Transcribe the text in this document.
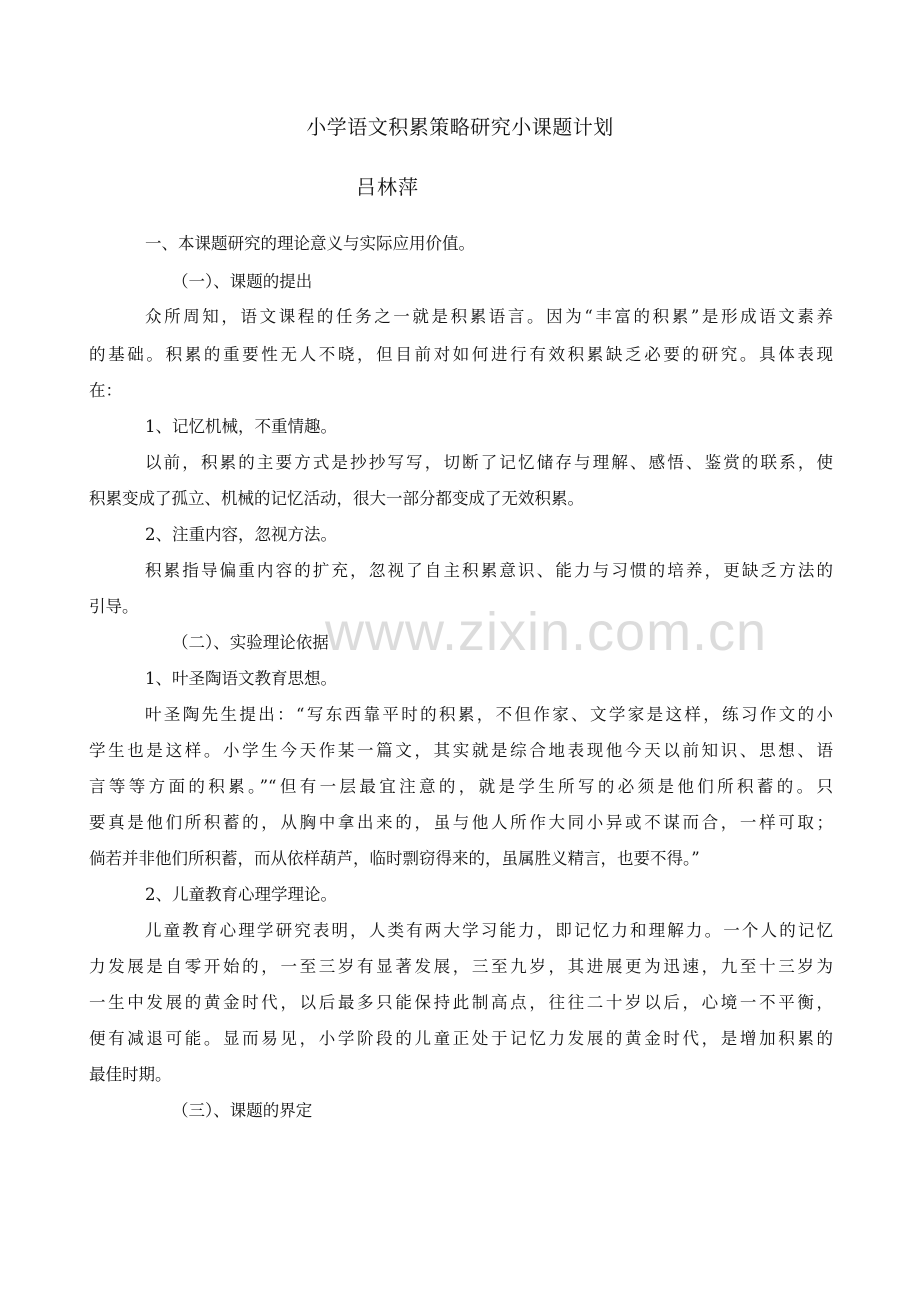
小学语文积累策略研究小课题计划

吕林萍

一、本课题研究的理论意义与实际应用价值。

（一）、课题的提出

众所周知，语文课程的任务之一就是积累语言。因为“丰富的积累”是形成语文素养

的基础。积累的重要性无人不晓，但目前对如何进行有效积累缺乏必要的研究。具体表现

在：

1、记忆机械，不重情趣。

以前，积累的主要方式是抄抄写写，切断了记忆储存与理解、感悟、鉴赏的联系，使

积累变成了孤立、机械的记忆活动，很大一部分都变成了无效积累。

2、注重内容，忽视方法。

积累指导偏重内容的扩充，忽视了自主积累意识、能力与习惯的培养，更缺乏方法的

引导。

（二）、实验理论依据

1、叶圣陶语文教育思想。

叶圣陶先生提出：“写东西靠平时的积累，不但作家、文学家是这样，练习作文的小

学生也是这样。小学生今天作某一篇文，其实就是综合地表现他今天以前知识、思想、语

言等等方面的积累。”“但有一层最宜注意的，就是学生所写的必须是他们所积蓄的。只

要真是他们所积蓄的，从胸中拿出来的，虽与他人所作大同小异或不谋而合，一样可取；

倘若并非他们所积蓄，而从依样葫芦，临时剽窃得来的，虽属胜义精言，也要不得。”

2、儿童教育心理学理论。

儿童教育心理学研究表明，人类有两大学习能力，即记忆力和理解力。一个人的记忆

力发展是自零开始的，一至三岁有显著发展，三至九岁，其进展更为迅速，九至十三岁为

一生中发展的黄金时代，以后最多只能保持此制高点，往往二十岁以后，心境一不平衡，

便有减退可能。显而易见，小学阶段的儿童正处于记忆力发展的黄金时代，是增加积累的

最佳时期。

（三）、课题的界定

www.zixin.com.cn
